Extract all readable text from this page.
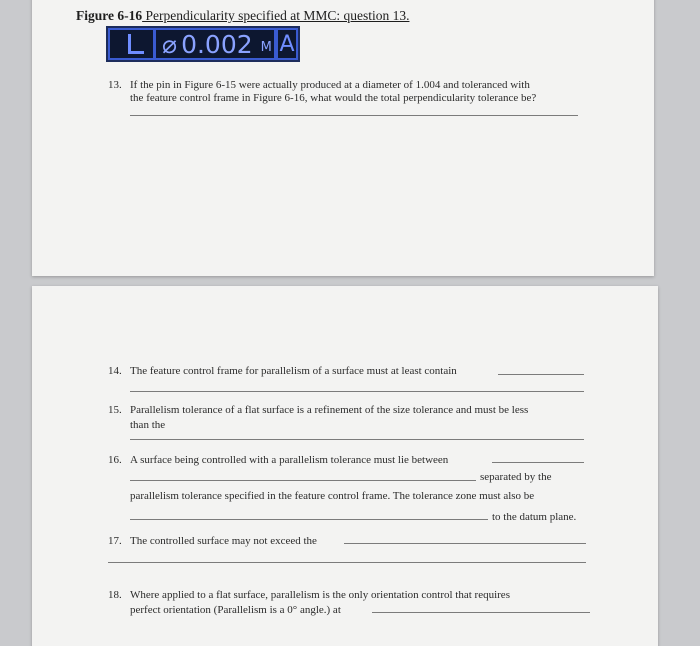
Figure 6-16 Perpendicularity specified at MMC: question 13.
⌀ 0.002 M A
13. If the pin in Figure 6-15 were actually produced at a diameter of 1.004 and toleranced with
the feature control frame in Figure 6-16, what would the total perpendicularity tolerance be?
14. The feature control frame for parallelism of a surface must at least contain
15. Parallelism tolerance of a flat surface is a refinement of the size tolerance and must be less
than the
16. A surface being controlled with a parallelism tolerance must lie between
separated by the
parallelism tolerance specified in the feature control frame. The tolerance zone must also be
to the datum plane.
17. The controlled surface may not exceed the
18. Where applied to a flat surface, parallelism is the only orientation control that requires
perfect orientation (Parallelism is a 0° angle.) at
